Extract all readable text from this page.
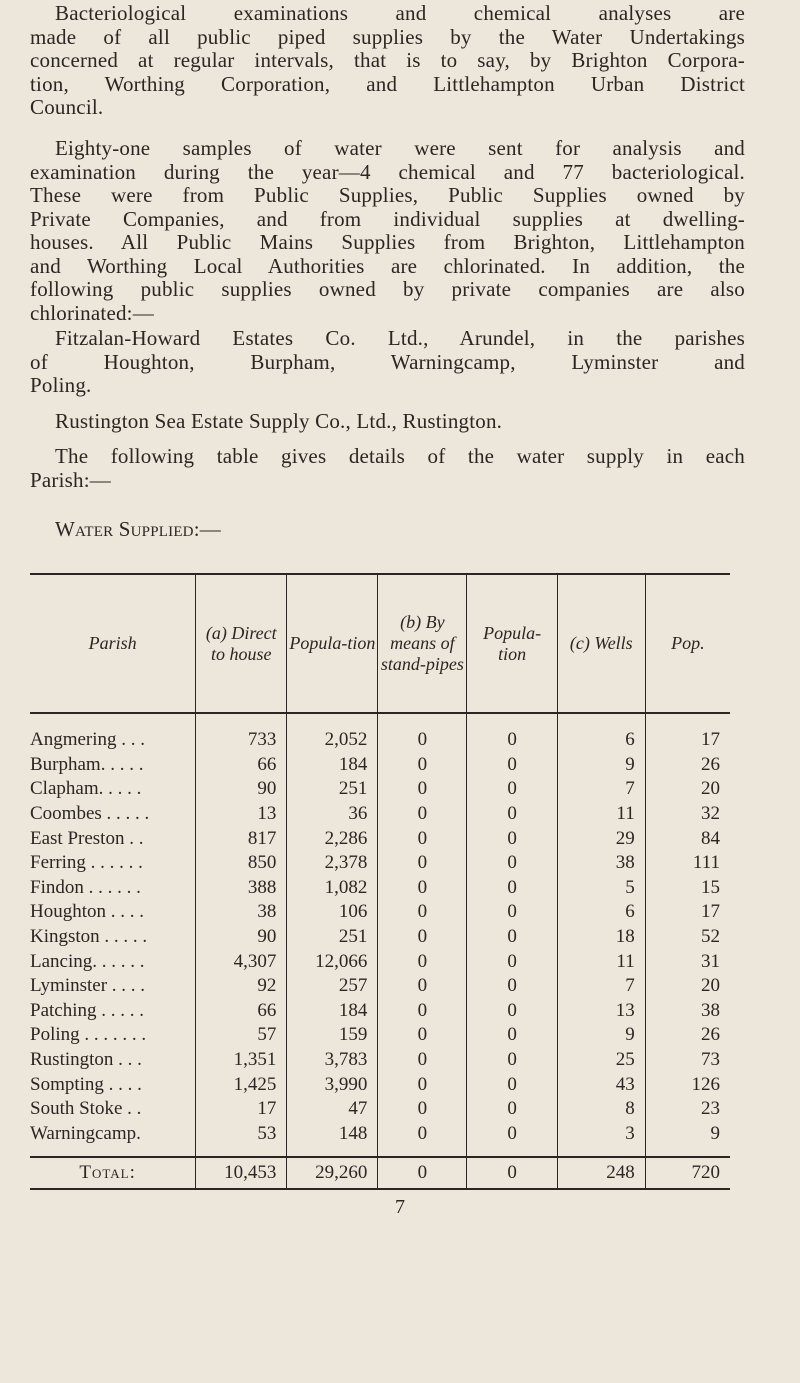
Bacteriological examinations and chemical analyses are
made of all public piped supplies by the Water Undertakings
concerned at regular intervals, that is to say, by Brighton Corpora-
tion, Worthing Corporation, and Littlehampton Urban District
Council.
Eighty-one samples of water were sent for analysis and
examination during the year—4 chemical and 77 bacteriological.
These were from Public Supplies, Public Supplies owned by
Private Companies, and from individual supplies at dwelling-
houses. All Public Mains Supplies from Brighton, Littlehampton
and Worthing Local Authorities are chlorinated. In addition, the
following public supplies owned by private companies are also
chlorinated:—
Fitzalan-Howard Estates Co. Ltd., Arundel, in the parishes
of Houghton, Burpham, Warningcamp, Lyminster and
Poling.
Rustington Sea Estate Supply Co., Ltd., Rustington.
The following table gives details of the water supply in each
Parish:—
Water Supplied:—
Parish	(a) Direct to house	Popula-tion	(b) By means of stand-pipes	Popula-tion	(c) Wells	Pop.
Angmering . . .	733	2,052	0	0	6	17
Burpham. . . . .	66	184	0	0	9	26
Clapham. . . . .	90	251	0	0	7	20
Coombes . . . . .	13	36	0	0	11	32
East Preston . .	817	2,286	0	0	29	84
Ferring . . . . . .	850	2,378	0	0	38	111
Findon . . . . . .	388	1,082	0	0	5	15
Houghton . . . .	38	106	0	0	6	17
Kingston . . . . .	90	251	0	0	18	52
Lancing. . . . . .	4,307	12,066	0	0	11	31
Lyminster . . . .	92	257	0	0	7	20
Patching . . . . .	66	184	0	0	13	38
Poling . . . . . . .	57	159	0	0	9	26
Rustington . . .	1,351	3,783	0	0	25	73
Sompting . . . .	1,425	3,990	0	0	43	126
South Stoke . .	17	47	0	0	8	23
Warningcamp.	53	148	0	0	3	9
Total:	10,453	29,260	0	0	248	720
7
